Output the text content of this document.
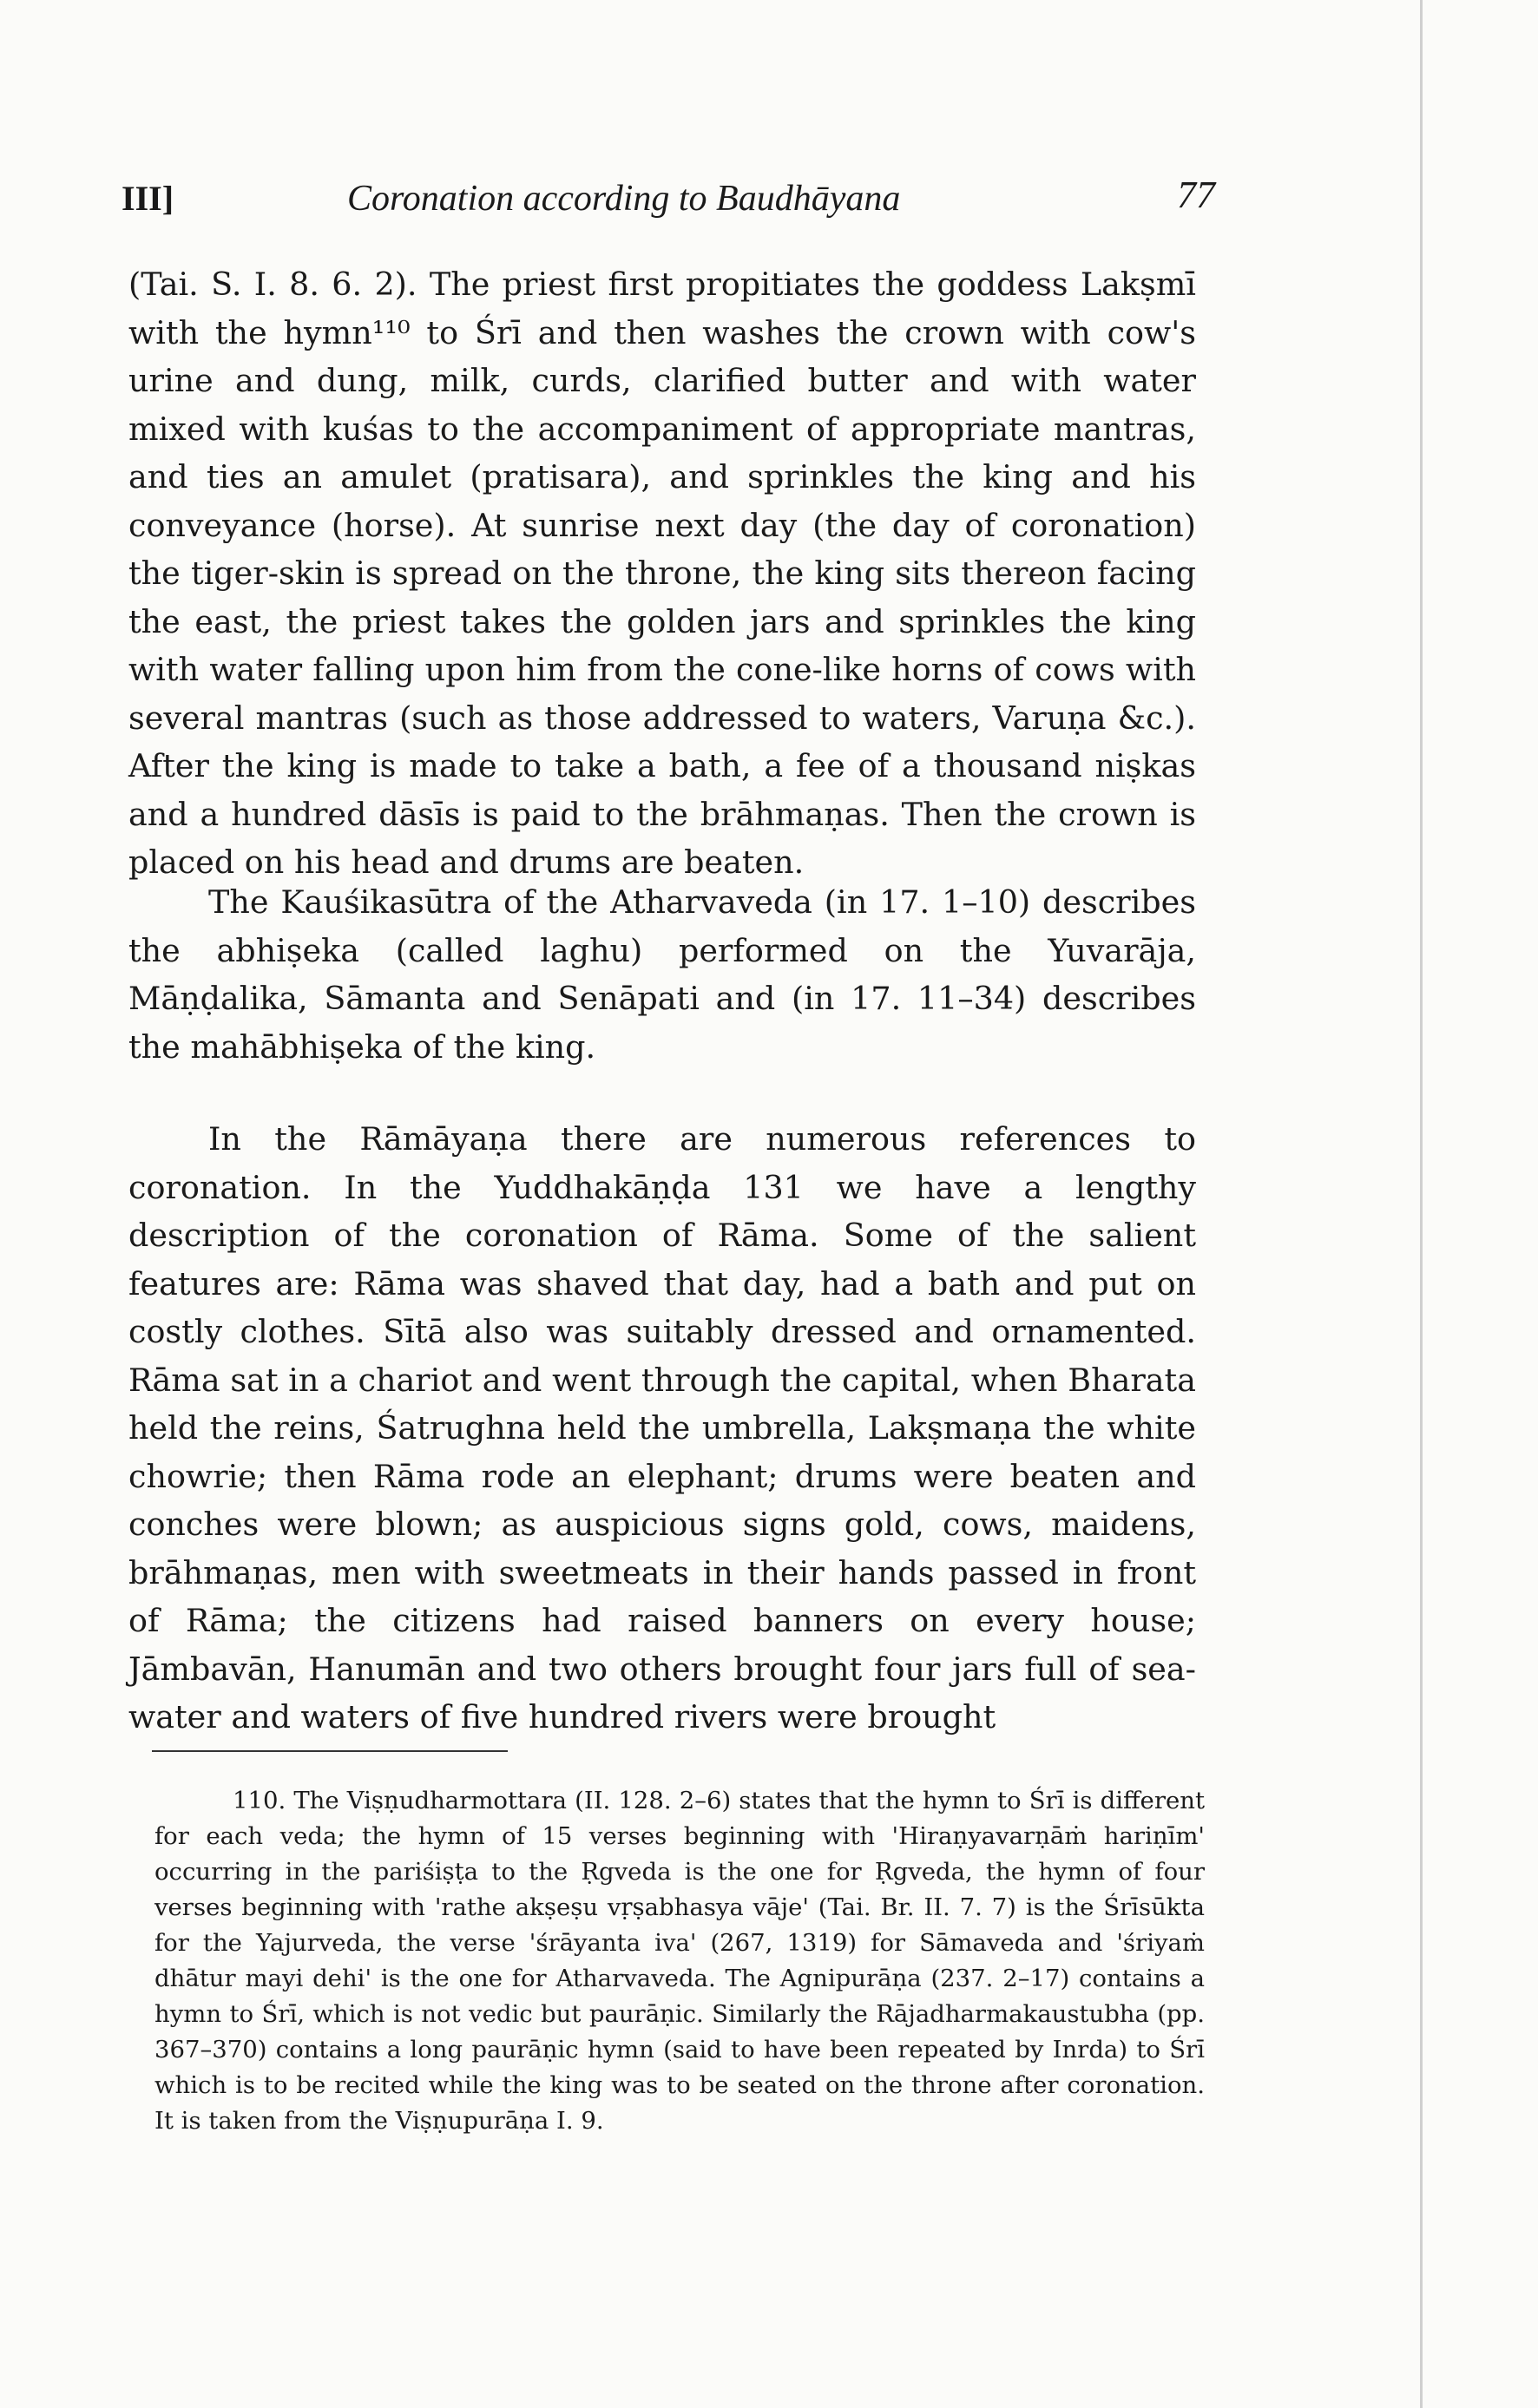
III]	Coronation according to Baudhāyana	77

(Tai. S. I. 8. 6. 2). The priest first propitiates the goddess Lakṣmī with the hymn¹¹⁰ to Śrī and then washes the crown with cow's urine and dung, milk, curds, clarified butter and with water mixed with kuśas to the accompaniment of appropriate mantras, and ties an amulet (pratisara), and sprinkles the king and his conveyance (horse). At sunrise next day (the day of coronation) the tiger-skin is spread on the throne, the king sits thereon facing the east, the priest takes the golden jars and sprinkles the king with water falling upon him from the cone-like horns of cows with several mantras (such as those addressed to waters, Varuṇa &c.). After the king is made to take a bath, a fee of a thousand niṣkas and a hundred dāsīs is paid to the brāhmaṇas. Then the crown is placed on his head and drums are beaten.

The Kauśikasūtra of the Atharvaveda (in 17. 1–10) describes the abhiṣeka (called laghu) performed on the Yuvarāja, Māṇḍalika, Sāmanta and Senāpati and (in 17. 11–34) describes the mahābhiṣeka of the king.

In the Rāmāyaṇa there are numerous references to coronation. In the Yuddhakāṇḍa 131 we have a lengthy description of the coronation of Rāma. Some of the salient features are: Rāma was shaved that day, had a bath and put on costly clothes. Sītā also was suitably dressed and ornamented. Rāma sat in a chariot and went through the capital, when Bharata held the reins, Śatrughna held the umbrella, Lakṣmaṇa the white chowrie; then Rāma rode an elephant; drums were beaten and conches were blown; as auspicious signs gold, cows, maidens, brāhmaṇas, men with sweetmeats in their hands passed in front of Rāma; the citizens had raised banners on every house; Jāmbavān, Hanumān and two others brought four jars full of sea-water and waters of five hundred rivers were brought

110. The Viṣṇudharmottara (II. 128. 2–6) states that the hymn to Śrī is different for each veda; the hymn of 15 verses beginning with 'Hiraṇyavarṇāṁ hariṇīm' occurring in the pariśiṣṭa to the Ṛgveda is the one for Ṛgveda, the hymn of four verses beginning with 'rathe akṣeṣu vṛṣabhasya vāje' (Tai. Br. II. 7. 7) is the Śrīsūkta for the Yajurveda, the verse 'śrāyanta iva' (267, 1319) for Sāmaveda and 'śriyaṁ dhātur mayi dehi' is the one for Atharvaveda. The Agnipurāṇa (237. 2–17) contains a hymn to Śrī, which is not vedic but paurāṇic. Similarly the Rājadharmakaustubha (pp. 367–370) contains a long paurāṇic hymn (said to have been repeated by Inrda) to Śrī which is to be recited while the king was to be seated on the throne after coronation. It is taken from the Viṣṇupurāṇa I. 9.
